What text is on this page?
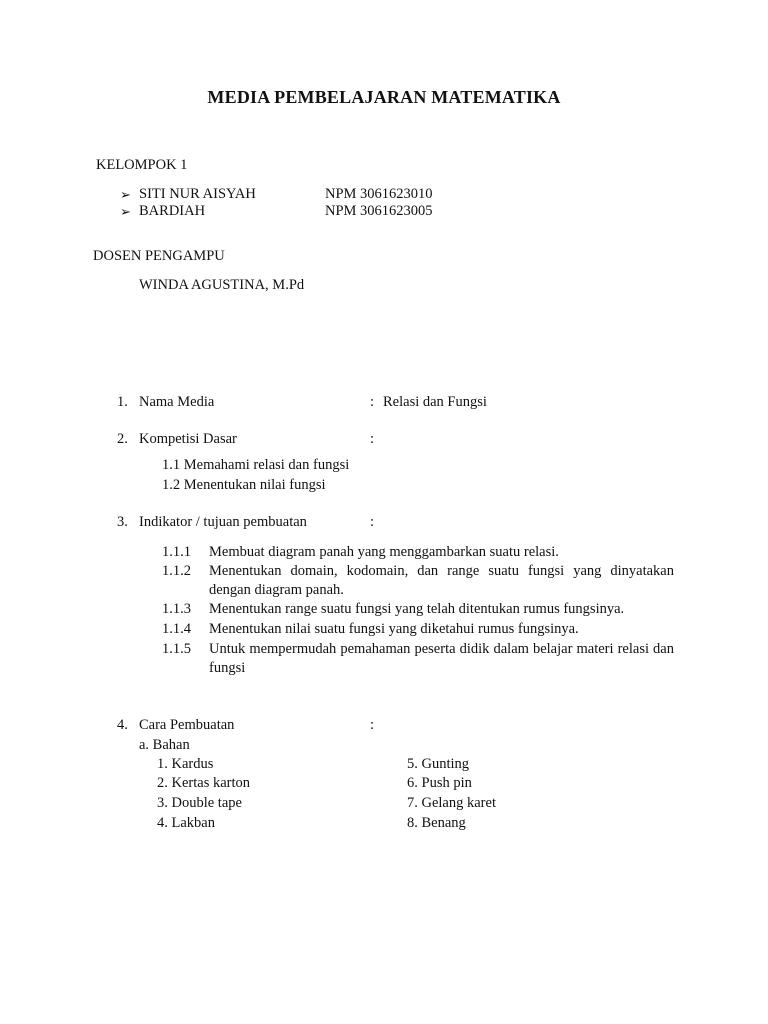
MEDIA PEMBELAJARAN MATEMATIKA
KELOMPOK 1
➢ SITI NUR AISYAH	NPM 3061623010
➢ BARDIAH	NPM 3061623005
DOSEN PENGAMPU
WINDA AGUSTINA, M.Pd
1. Nama Media	: Relasi dan Fungsi
2. Kompetisi Dasar	:
1.1 Memahami relasi dan fungsi
1.2 Menentukan nilai fungsi
3. Indikator / tujuan pembuatan	:
1.1.1 Membuat diagram panah yang menggambarkan suatu relasi.
1.1.2 Menentukan domain, kodomain, dan range suatu fungsi yang dinyatakan dengan diagram panah.
1.1.3 Menentukan range suatu fungsi yang telah ditentukan rumus fungsinya.
1.1.4 Menentukan nilai suatu fungsi yang diketahui rumus fungsinya.
1.1.5 Untuk mempermudah pemahaman peserta didik dalam belajar materi relasi dan fungsi
4. Cara Pembuatan	:
a. Bahan
1. Kardus
2. Kertas karton
3. Double tape
4. Lakban
5. Gunting
6. Push pin
7. Gelang karet
8. Benang
